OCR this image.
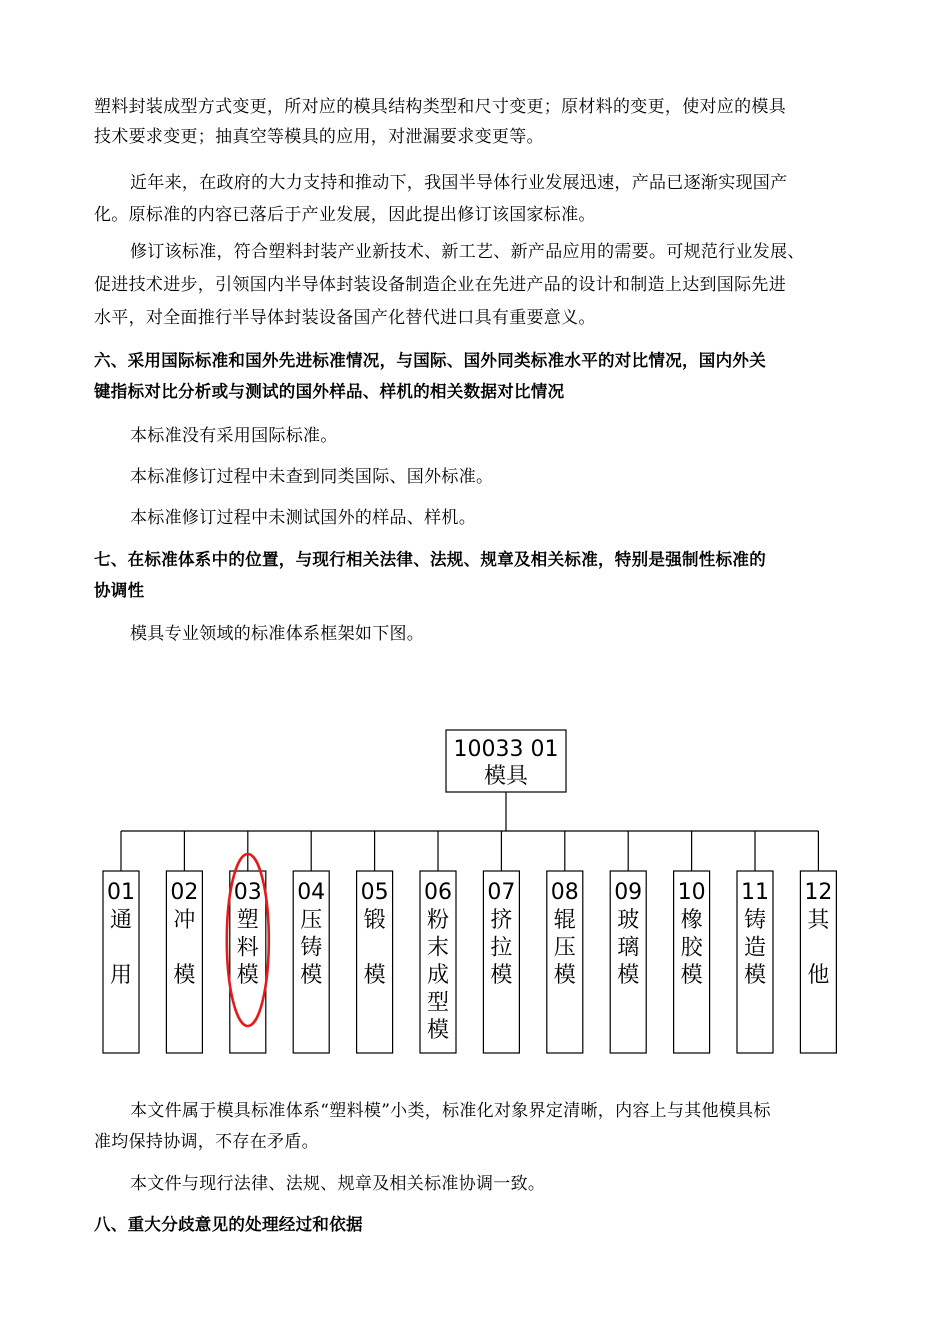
塑料封装成型方式变更，所对应的模具结构类型和尺寸变更；原材料的变更，使对应的模具
技术要求变更；抽真空等模具的应用，对泄漏要求变更等。
近年来，在政府的大力支持和推动下，我国半导体行业发展迅速，产品已逐渐实现国产
化。原标准的内容已落后于产业发展，因此提出修订该国家标准。
修订该标准，符合塑料封装产业新技术、新工艺、新产品应用的需要。可规范行业发展、
促进技术进步，引领国内半导体封装设备制造企业在先进产品的设计和制造上达到国际先进
水平，对全面推行半导体封装设备国产化替代进口具有重要意义。
六、采用国际标准和国外先进标准情况，与国际、国外同类标准水平的对比情况，国内外关
键指标对比分析或与测试的国外样品、样机的相关数据对比情况
本标准没有采用国际标准。
本标准修订过程中未查到同类国际、国外标准。
本标准修订过程中未测试国外的样品、样机。
七、在标准体系中的位置，与现行相关法律、法规、规章及相关标准，特别是强制性标准的
协调性
模具专业领域的标准体系框架如下图。
10033 01
模具
01
通
用
02
冲
模
03
塑
料
模
04
压
铸
模
05
锻
模
06
粉
末
成
型
模
07
挤
拉
模
08
辊
压
模
09
玻
璃
模
10
橡
胶
模
11
铸
造
模
12
其
他
本文件属于模具标准体系“塑料模”小类，标准化对象界定清晰，内容上与其他模具标
准均保持协调，不存在矛盾。
本文件与现行法律、法规、规章及相关标准协调一致。
八、重大分歧意见的处理经过和依据
